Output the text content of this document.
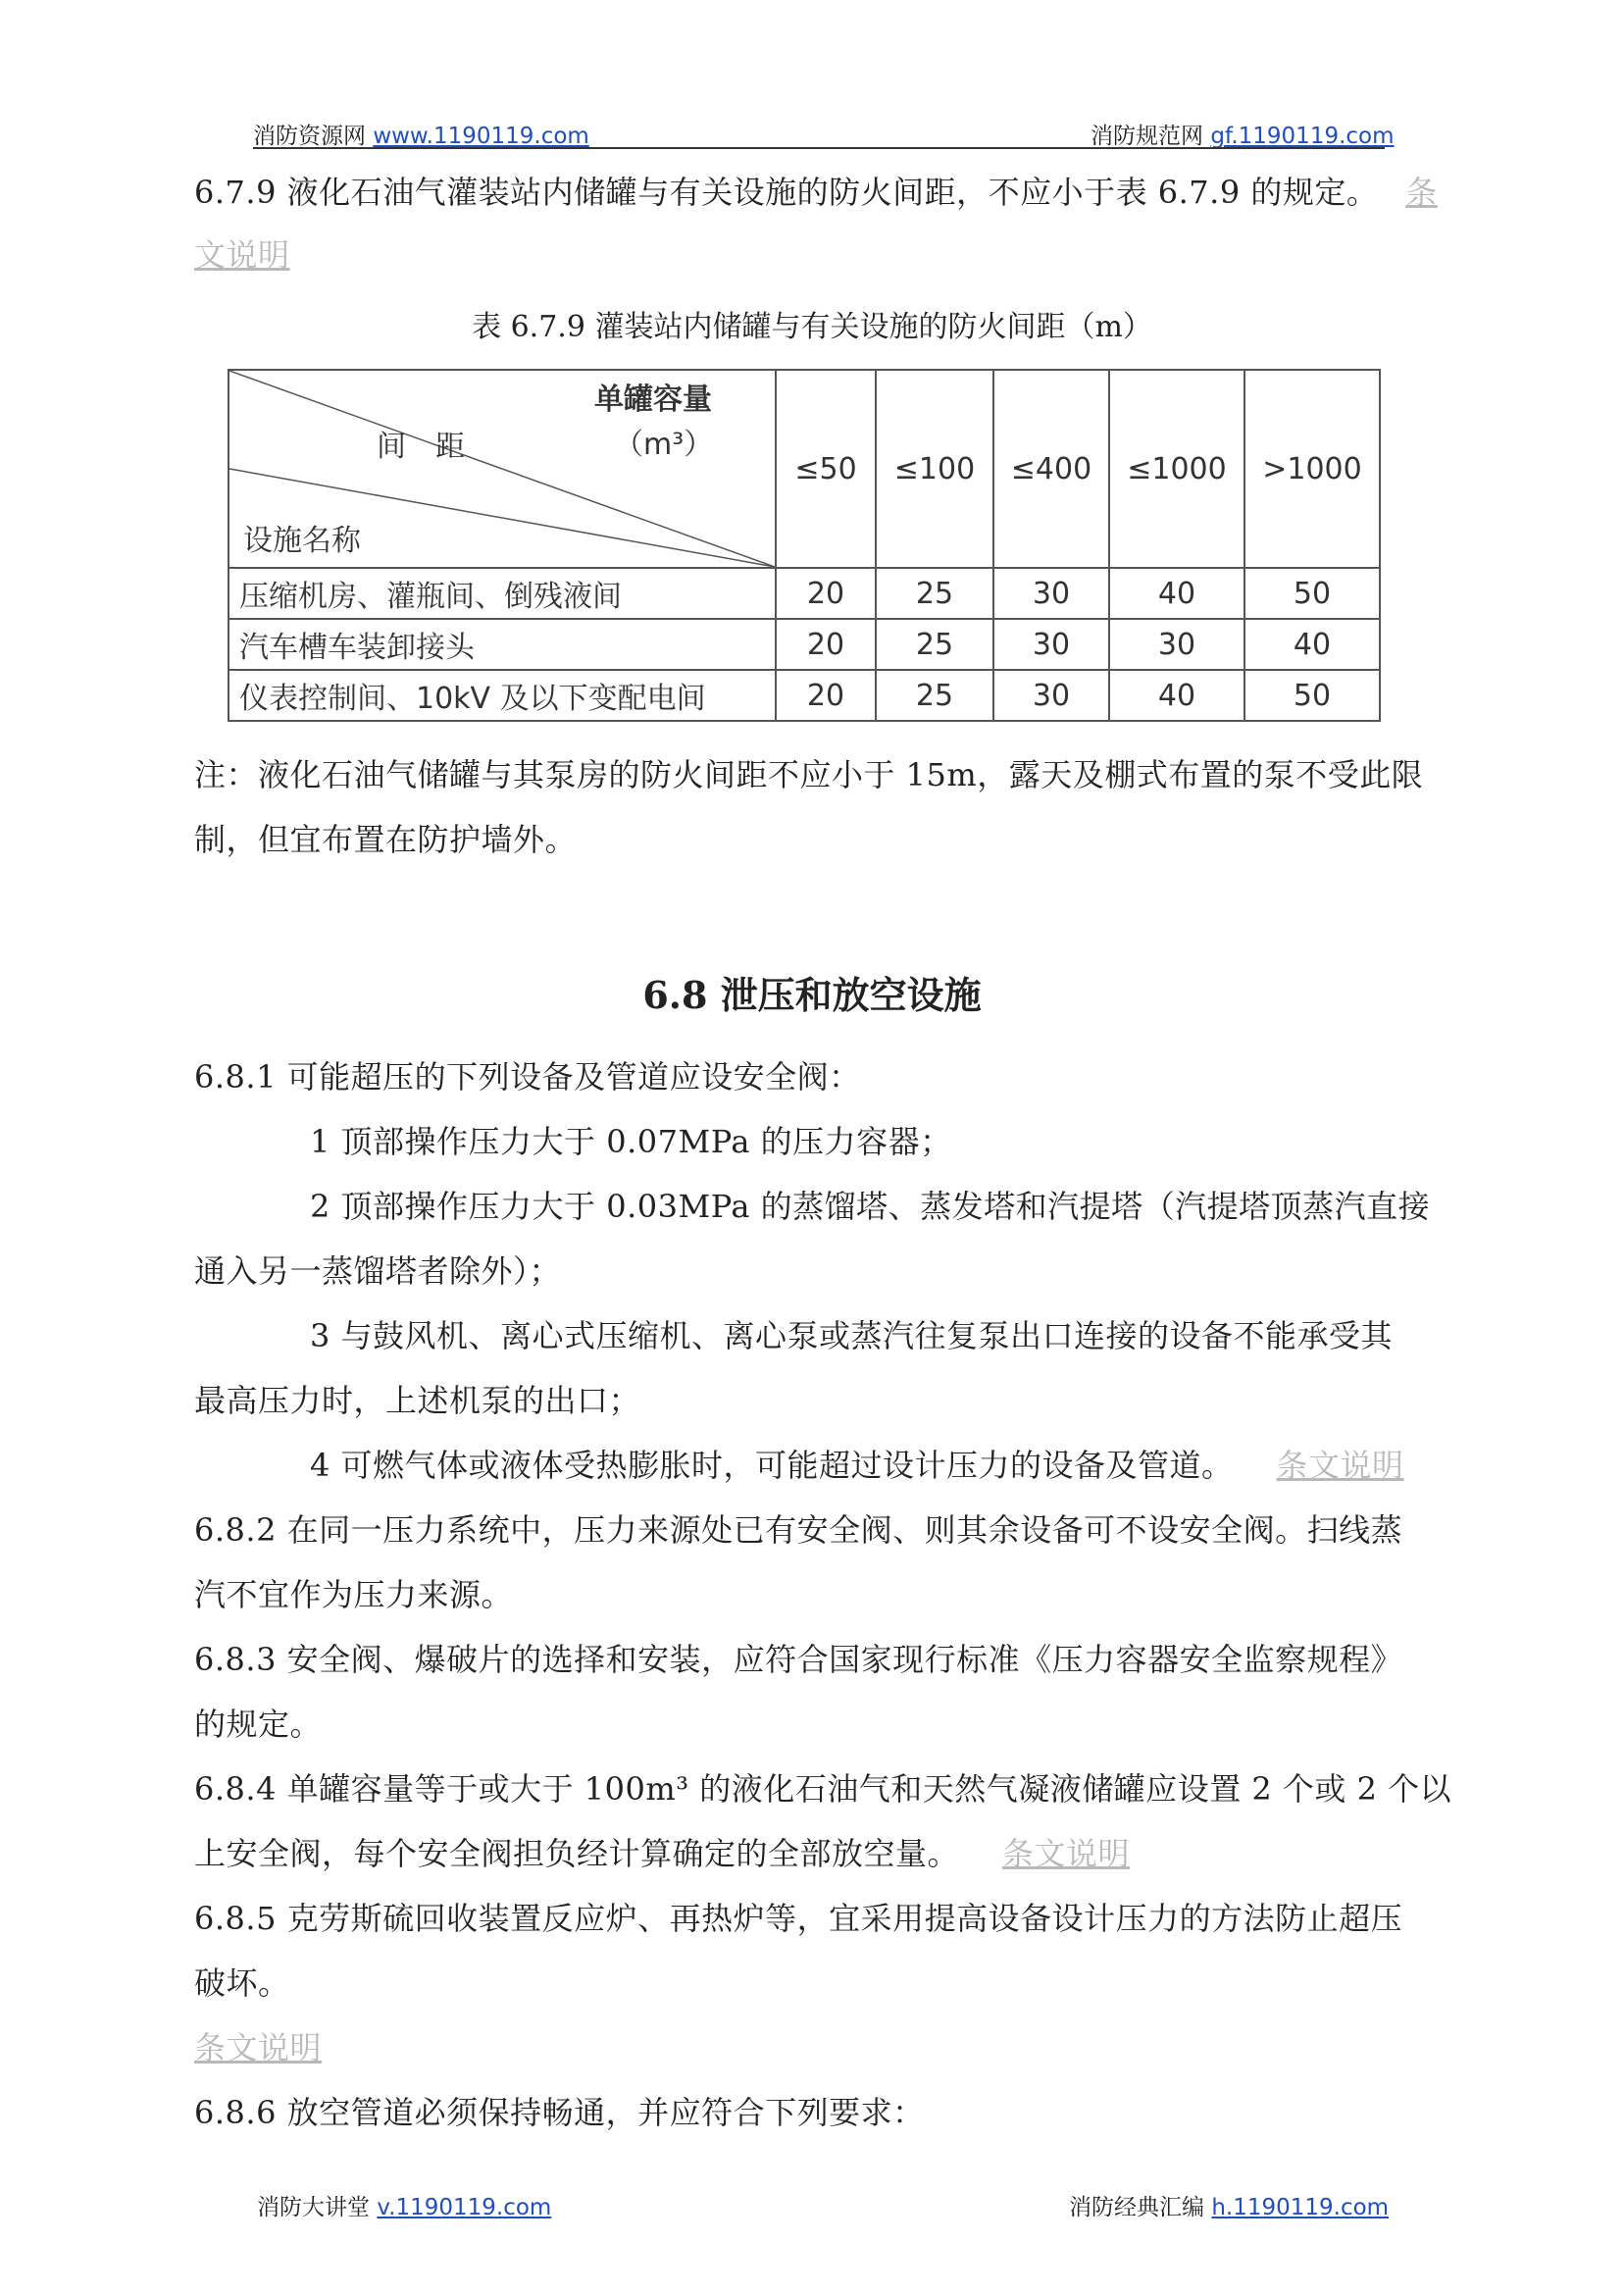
消防资源网 www.1190119.com	消防规范网 gf.1190119.com
6.7.9 液化石油气灌装站内储罐与有关设施的防火间距，不应小于表 6.7.9 的规定。 条
文说明
表 6.7.9 灌装站内储罐与有关设施的防火间距（m）
单罐容量
（m³）
间　距
设施名称	≤50	≤100	≤400	≤1000	>1000
压缩机房、灌瓶间、倒残液间	20	25	30	40	50
汽车槽车装卸接头	20	25	30	30	40
仪表控制间、10kV 及以下变配电间	20	25	30	40	50
注：液化石油气储罐与其泵房的防火间距不应小于 15m，露天及棚式布置的泵不受此限
制，但宜布置在防护墙外。
6.8 泄压和放空设施
6.8.1 可能超压的下列设备及管道应设安全阀：
1 顶部操作压力大于 0.07MPa 的压力容器；
2 顶部操作压力大于 0.03MPa 的蒸馏塔、蒸发塔和汽提塔（汽提塔顶蒸汽直接
通入另一蒸馏塔者除外）；
3 与鼓风机、离心式压缩机、离心泵或蒸汽往复泵出口连接的设备不能承受其
最高压力时，上述机泵的出口；
4 可燃气体或液体受热膨胀时，可能超过设计压力的设备及管道。 条文说明
6.8.2 在同一压力系统中，压力来源处已有安全阀、则其余设备可不设安全阀。扫线蒸
汽不宜作为压力来源。
6.8.3 安全阀、爆破片的选择和安装，应符合国家现行标准《压力容器安全监察规程》
的规定。
6.8.4 单罐容量等于或大于 100m³ 的液化石油气和天然气凝液储罐应设置 2 个或 2 个以
上安全阀，每个安全阀担负经计算确定的全部放空量。 条文说明
6.8.5 克劳斯硫回收装置反应炉、再热炉等，宜采用提高设备设计压力的方法防止超压
破坏。
条文说明
6.8.6 放空管道必须保持畅通，并应符合下列要求：
消防大讲堂 v.1190119.com	消防经典汇编 h.1190119.com
